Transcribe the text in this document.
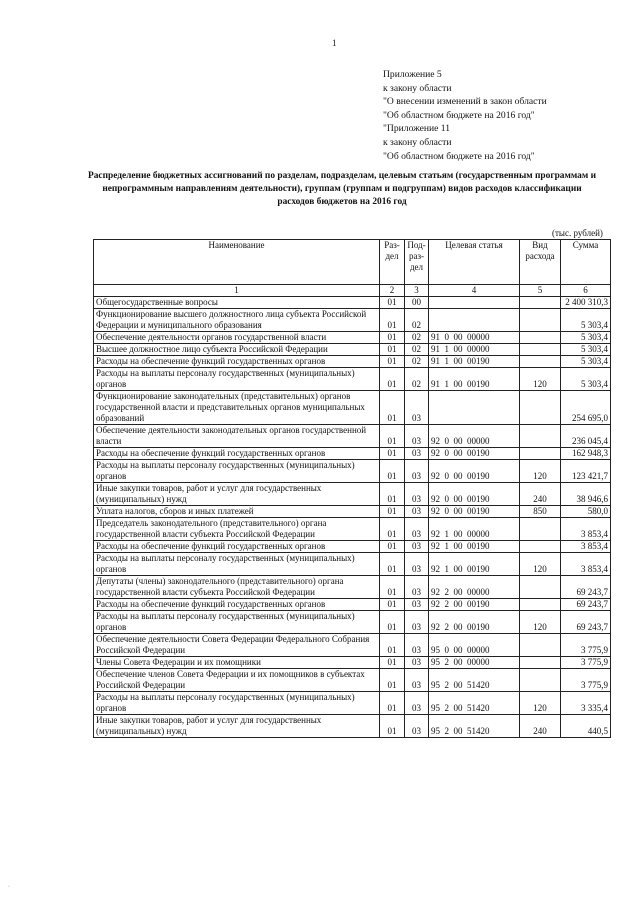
1
Приложение 5
к закону области
"О внесении изменений в закон области
"Об областном бюджете на 2016 год"
"Приложение 11
к закону области
"Об областном бюджете на 2016 год"
Распределение бюджетных ассигнований по разделам, подразделам, целевым статьям (государственным программам и непрограммным направлениям деятельности), группам (группам и подгруппам) видов расходов классификации расходов бюджетов на 2016 год
(тыс. рублей)
Наименование	Раз- дел	Под- раз- дел	Целевая статья	Вид расхода	Сумма
1	2	3	4	5	6
Общегосударственные вопросы	01	00			2 400 310,3
Функционирование высшего должностного лица субъекта Российской Федерации и муниципального образования	01	02			5 303,4
Обеспечение деятельности органов государственной власти	01	02	91  0  00  00000		5 303,4
Высшее должностное лицо субъекта Российской Федерации	01	02	91  1  00  00000		5 303,4
Расходы на обеспечение функций государственных органов	01	02	91  1  00  00190		5 303,4
Расходы на выплаты персоналу государственных (муниципальных) органов	01	02	91  1  00  00190	120	5 303,4
Функционирование законодательных (представительных) органов государственной власти и представительных органов муниципальных образований	01	03			254 695,0
Обеспечение деятельности законодательных органов государственной власти	01	03	92  0  00  00000		236 045,4
Расходы на обеспечение функций государственных органов	01	03	92  0  00  00190		162 948,3
Расходы на выплаты персоналу государственных (муниципальных) органов	01	03	92  0  00  00190	120	123 421,7
Иные закупки товаров, работ и услуг для государственных (муниципальных) нужд	01	03	92  0  00  00190	240	38 946,6
Уплата налогов, сборов и иных платежей	01	03	92  0  00  00190	850	580,0
Председатель законодательного (представительного) органа государственной власти субъекта Российской Федерации	01	03	92  1  00  00000		3 853,4
Расходы на обеспечение функций государственных органов	01	03	92  1  00  00190		3 853,4
Расходы на выплаты персоналу государственных (муниципальных) органов	01	03	92  1  00  00190	120	3 853,4
Депутаты (члены) законодательного (представительного) органа государственной власти субъекта Российской Федерации	01	03	92  2  00  00000		69 243,7
Расходы на обеспечение функций государственных органов	01	03	92  2  00  00190		69 243,7
Расходы на выплаты персоналу государственных (муниципальных) органов	01	03	92  2  00  00190	120	69 243,7
Обеспечение деятельности Совета Федерации Федерального Собрания Российской Федерации	01	03	95  0  00  00000		3 775,9
Члены Совета Федерации и их помощники	01	03	95  2  00  00000		3 775,9
Обеспечение членов Совета Федерации и их помощников в субъектах Российской Федерации	01	03	95  2  00  51420		3 775,9
Расходы на выплаты персоналу государственных (муниципальных) органов	01	03	95  2  00  51420	120	3 335,4
Иные закупки товаров, работ и услуг для государственных (муниципальных) нужд	01	03	95  2  00  51420	240	440,5
·
